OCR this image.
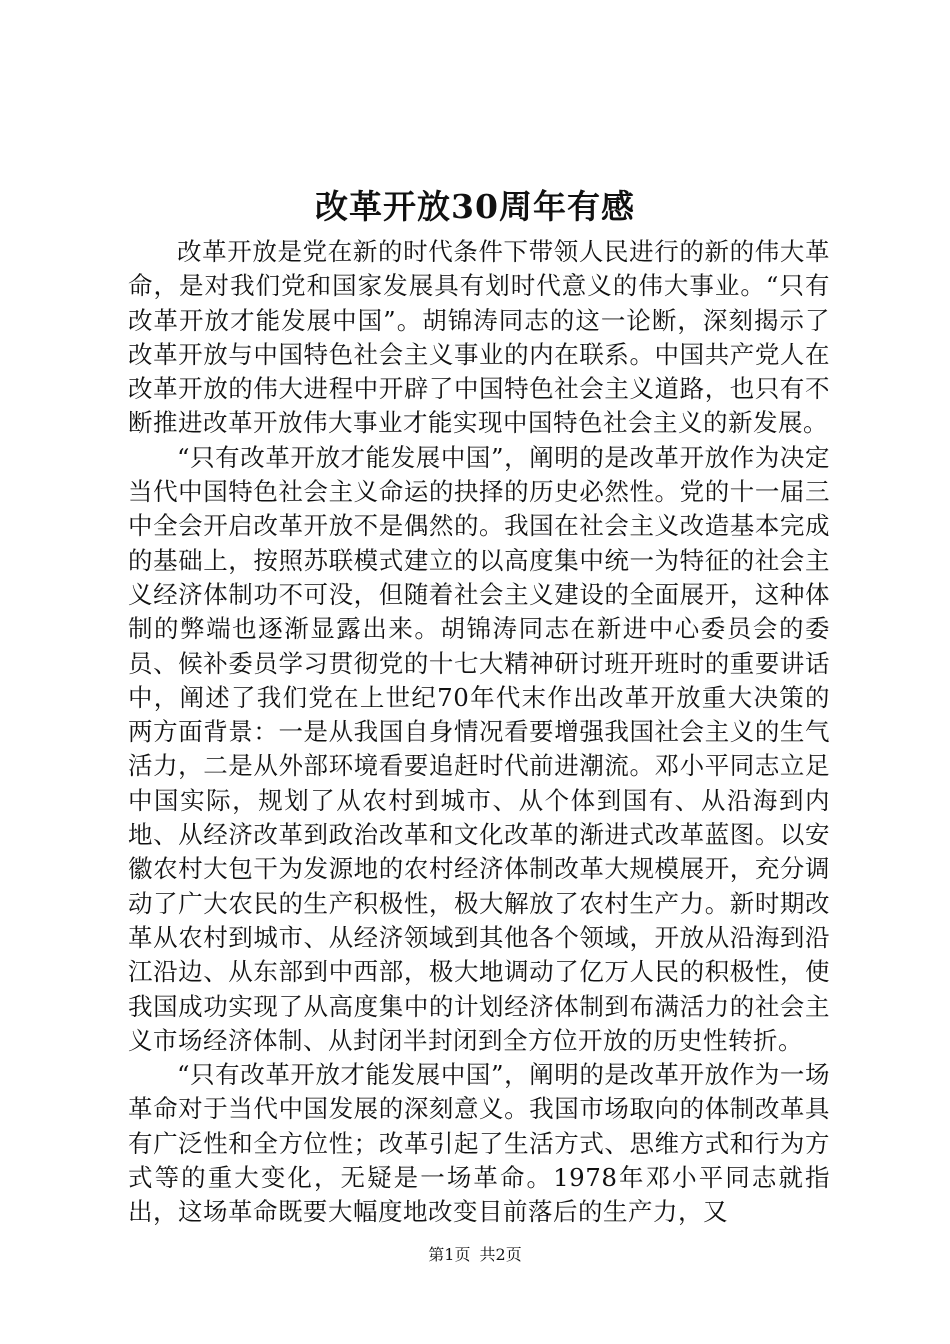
改革开放30周年有感

改革开放是党在新的时代条件下带领人民进行的新的伟大革命，是对我们党和国家发展具有划时代意义的伟大事业。“只有改革开放才能发展中国”。胡锦涛同志的这一论断，深刻揭示了改革开放与中国特色社会主义事业的内在联系。中国共产党人在改革开放的伟大进程中开辟了中国特色社会主义道路，也只有不断推进改革开放伟大事业才能实现中国特色社会主义的新发展。

“只有改革开放才能发展中国”，阐明的是改革开放作为决定当代中国特色社会主义命运的抉择的历史必然性。党的十一届三中全会开启改革开放不是偶然的。我国在社会主义改造基本完成的基础上，按照苏联模式建立的以高度集中统一为特征的社会主义经济体制功不可没，但随着社会主义建设的全面展开，这种体制的弊端也逐渐显露出来。胡锦涛同志在新进中心委员会的委员、候补委员学习贯彻党的十七大精神研讨班开班时的重要讲话中，阐述了我们党在上世纪70年代末作出改革开放重大决策的两方面背景：一是从我国自身情况看要增强我国社会主义的生气活力，二是从外部环境看要追赶时代前进潮流。邓小平同志立足中国实际，规划了从农村到城市、从个体到国有、从沿海到内地、从经济改革到政治改革和文化改革的渐进式改革蓝图。以安徽农村大包干为发源地的农村经济体制改革大规模展开，充分调动了广大农民的生产积极性，极大解放了农村生产力。新时期改革从农村到城市、从经济领域到其他各个领域，开放从沿海到沿江沿边、从东部到中西部，极大地调动了亿万人民的积极性，使我国成功实现了从高度集中的计划经济体制到布满活力的社会主义市场经济体制、从封闭半封闭到全方位开放的历史性转折。

“只有改革开放才能发展中国”，阐明的是改革开放作为一场革命对于当代中国发展的深刻意义。我国市场取向的体制改革具有广泛性和全方位性；改革引起了生活方式、思维方式和行为方式等的重大变化，无疑是一场革命。1978年邓小平同志就指出，这场革命既要大幅度地改变目前落后的生产力，又

第1页 共2页
